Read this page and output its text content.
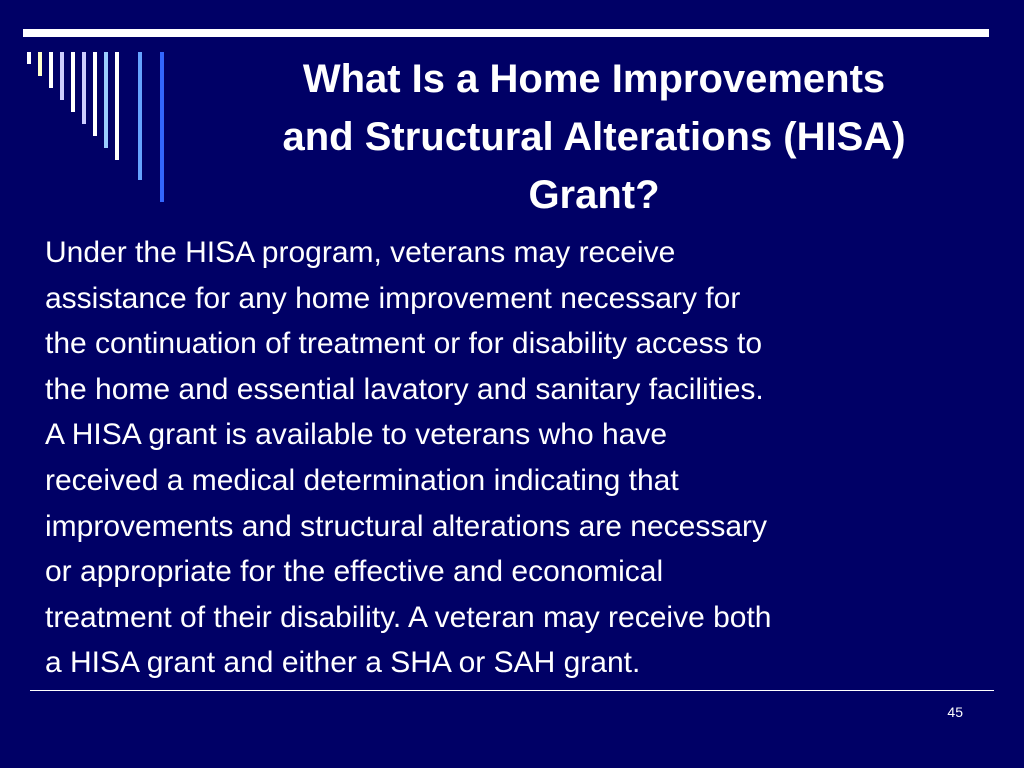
What Is a Home Improvements
and Structural Alterations (HISA)
Grant?

Under the HISA program, veterans may receive
assistance for any home improvement necessary for
the continuation of treatment or for disability access to
the home and essential lavatory and sanitary facilities.
A HISA grant is available to veterans who have
received a medical determination indicating that
improvements and structural alterations are necessary
or appropriate for the effective and economical
treatment of their disability. A veteran may receive both
a HISA grant and either a SHA or SAH grant.

45
